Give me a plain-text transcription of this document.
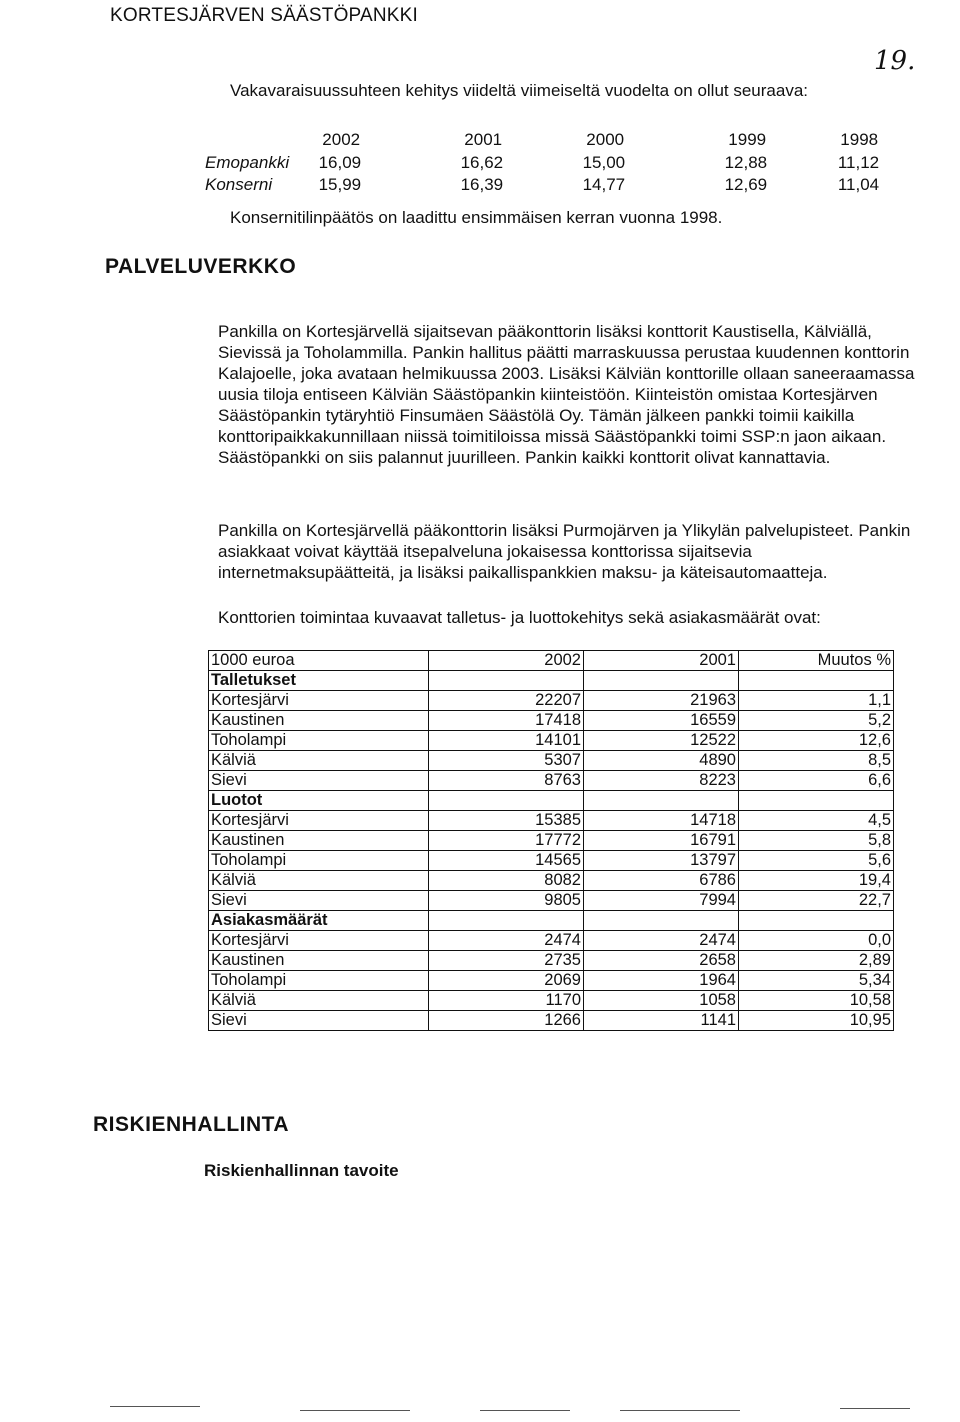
KORTESJÄRVEN SÄÄSTÖPANKKI
19.
Vakavaraisuussuhteen kehitys viideltä viimeiseltä vuodelta on ollut seuraava:
	2002	2001	2000	1999	1998
Emopankki	16,09	16,62	15,00	12,88	11,12
Konserni	15,99	16,39	14,77	12,69	11,04
Konsernitilinpäätös on laadittu ensimmäisen kerran vuonna 1998.
PALVELUVERKKO
Pankilla on Kortesjärvellä sijaitsevan pääkonttorin lisäksi konttorit Kaustisella, Kälviällä, Sievissä ja Toholammilla. Pankin hallitus päätti marraskuussa perustaa kuudennen konttorin Kalajoelle, joka avataan helmikuussa 2003. Lisäksi Kälviän konttorille ollaan saneeraamassa uusia tiloja entiseen Kälviän Säästöpankin kiinteistöön. Kiinteistön omistaa Kortesjärven Säästöpankin tytäryhtiö Finsumäen Säästölä Oy. Tämän jälkeen pankki toimii kaikilla konttoripaikkakunnillaan niissä toimitiloissa missä Säästöpankki toimi SSP:n jaon aikaan. Säästöpankki on siis palannut juurilleen. Pankin kaikki konttorit olivat kannattavia.
Pankilla on Kortesjärvellä pääkonttorin lisäksi Purmojärven ja Ylikylän palvelupisteet. Pankin asiakkaat voivat käyttää itsepalveluna jokaisessa konttorissa sijaitsevia internetmaksupäätteitä, ja lisäksi paikallispankkien maksu- ja käteisautomaatteja.
Konttorien toimintaa kuvaavat talletus- ja luottokehitys sekä asiakasmäärät ovat:
1000 euroa	2002	2001	Muutos %
Talletukset			
Kortesjärvi	22207	21963	1,1
Kaustinen	17418	16559	5,2
Toholampi	14101	12522	12,6
Kälviä	5307	4890	8,5
Sievi	8763	8223	6,6
Luotot			
Kortesjärvi	15385	14718	4,5
Kaustinen	17772	16791	5,8
Toholampi	14565	13797	5,6
Kälviä	8082	6786	19,4
Sievi	9805	7994	22,7
Asiakasmäärät			
Kortesjärvi	2474	2474	0,0
Kaustinen	2735	2658	2,89
Toholampi	2069	1964	5,34
Kälviä	1170	1058	10,58
Sievi	1266	1141	10,95
RISKIENHALLINTA
Riskienhallinnan tavoite
